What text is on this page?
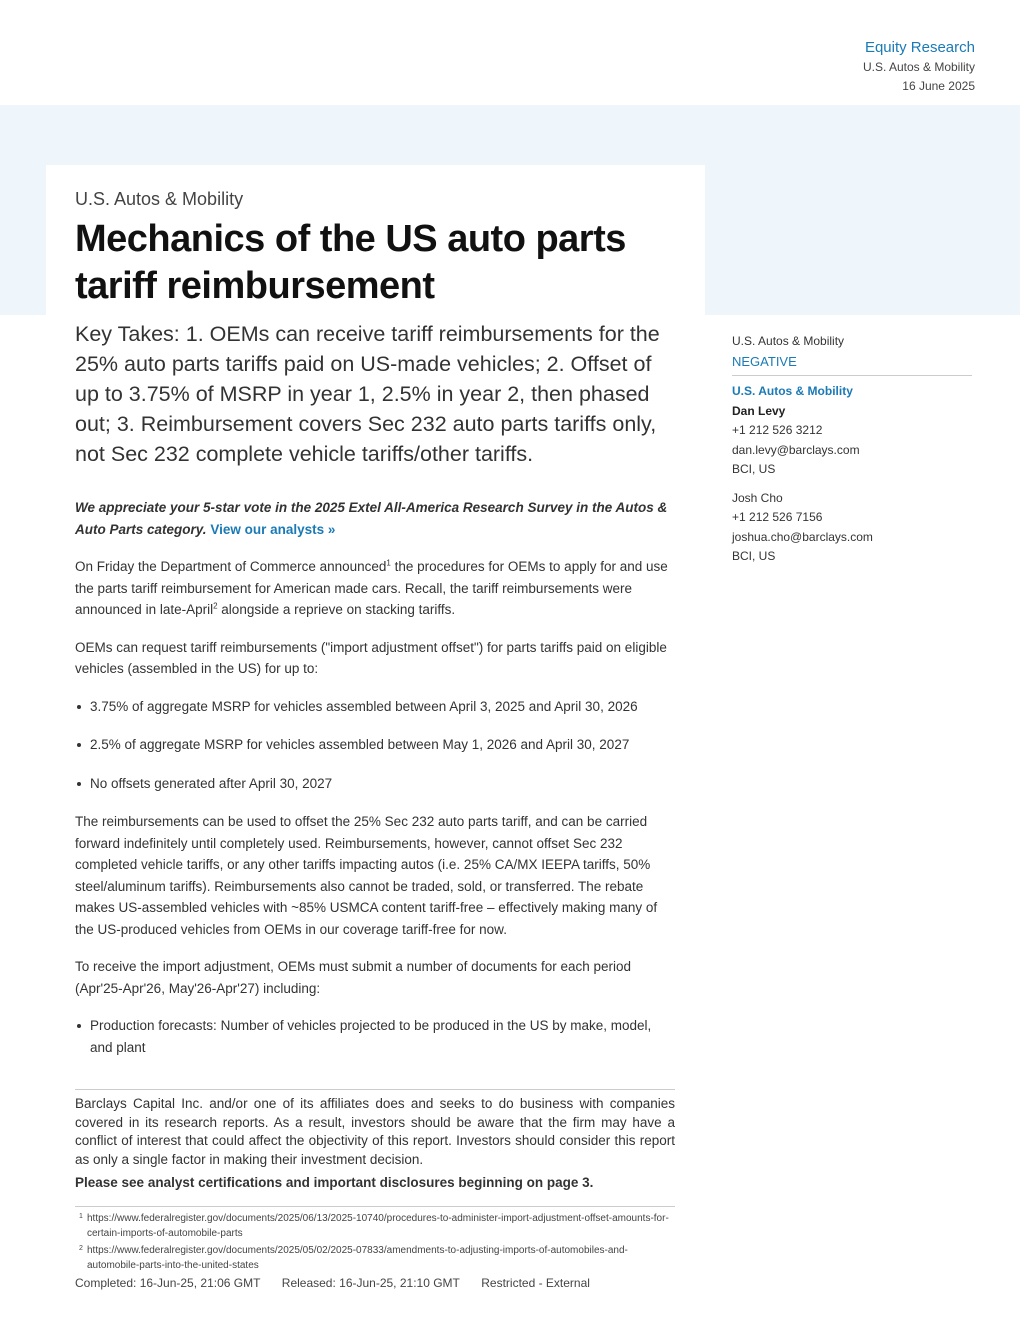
Equity Research
U.S. Autos & Mobility
16 June 2025
U.S. Autos & Mobility
Mechanics of the US auto parts
tariff reimbursement
Key Takes: 1. OEMs can receive tariff reimbursements for the 25% auto parts tariffs paid on US-made vehicles; 2. Offset of up to 3.75% of MSRP in year 1, 2.5% in year 2, then phased out; 3. Reimbursement covers Sec 232 auto parts tariffs only, not Sec 232 complete vehicle tariffs/other tariffs.

We appreciate your 5-star vote in the 2025 Extel All-America Research Survey in the Autos & Auto Parts category. View our analysts »

On Friday the Department of Commerce announced$^1$ the procedures for OEMs to apply for and use the parts tariff reimbursement for American made cars. Recall, the tariff reimbursements were announced in late-April$^2$ alongside a reprieve on stacking tariffs.

OEMs can request tariff reimbursements ("import adjustment offset") for parts tariffs paid on eligible vehicles (assembled in the US) for up to:

3.75% of aggregate MSRP for vehicles assembled between April 3, 2025 and April 30, 2026
2.5% of aggregate MSRP for vehicles assembled between May 1, 2026 and April 30, 2027
No offsets generated after April 30, 2027

The reimbursements can be used to offset the 25% Sec 232 auto parts tariff, and can be carried forward indefinitely until completely used. Reimbursements, however, cannot offset Sec 232 completed vehicle tariffs, or any other tariffs impacting autos (i.e. 25% CA/MX IEEPA tariffs, 50% steel/aluminum tariffs). Reimbursements also cannot be traded, sold, or transferred. The rebate makes US-assembled vehicles with ~85% USMCA content tariff-free – effectively making many of the US-produced vehicles from OEMs in our coverage tariff-free for now.

To receive the import adjustment, OEMs must submit a number of documents for each period (Apr'25-Apr'26, May'26-Apr'27) including:

Production forecasts: Number of vehicles projected to be produced in the US by make, model, and plant
Barclays Capital Inc. and/or one of its affiliates does and seeks to do business with companies covered in its research reports. As a result, investors should be aware that the firm may have a conflict of interest that could affect the objectivity of this report. Investors should consider this report as only a single factor in making their investment decision.
Please see analyst certifications and important disclosures beginning on page 3.
1 https://www.federalregister.gov/documents/2025/06/13/2025-10740/procedures-to-administer-import-adjustment-offset-amounts-for-certain-imports-of-automobile-parts
2 https://www.federalregister.gov/documents/2025/05/02/2025-07833/amendments-to-adjusting-imports-of-automobiles-and-automobile-parts-into-the-united-states
Completed: 16-Jun-25, 21:06 GMT Released: 16-Jun-25, 21:10 GMT Restricted - External
U.S. Autos & Mobility
NEGATIVE
U.S. Autos & Mobility
Dan Levy
+1 212 526 3212
dan.levy@barclays.com
BCI, US
Josh Cho
+1 212 526 7156
joshua.cho@barclays.com
BCI, US
